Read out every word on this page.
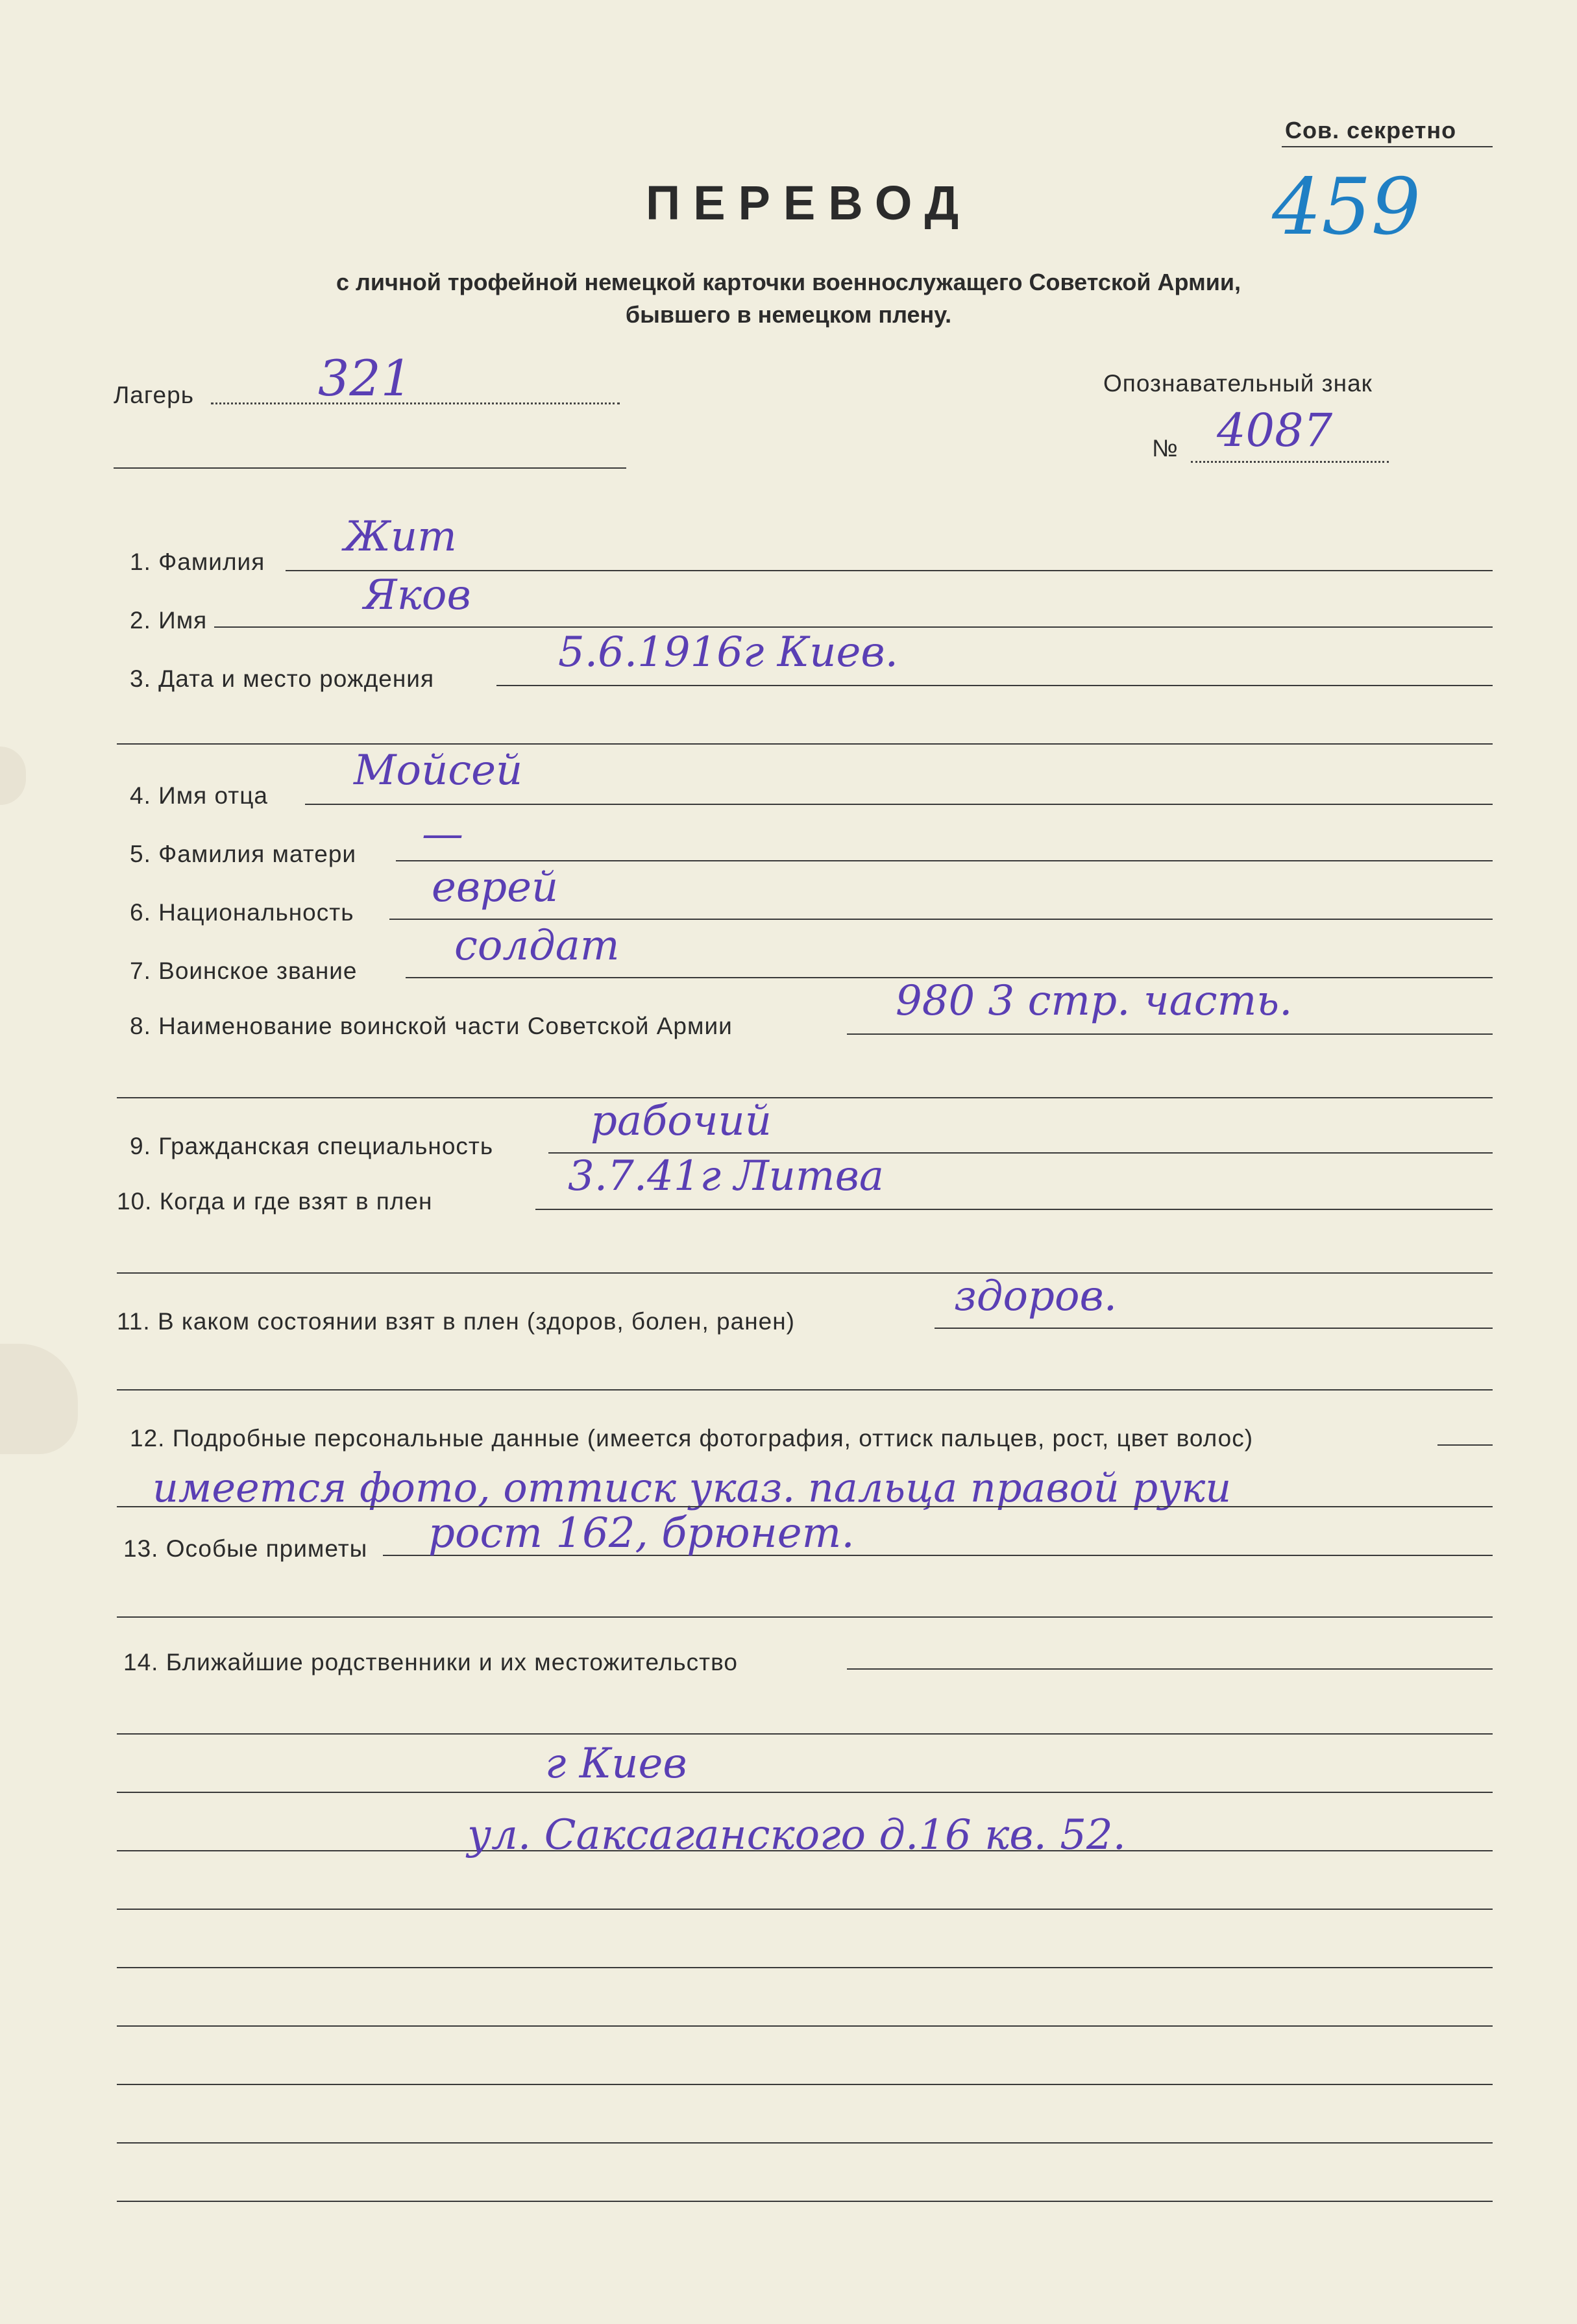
Сов. секретно
459
ПЕРЕВОД
с личной трофейной немецкой карточки военнослужащего Советской Армии,
бывшего в немецком плену.
Лагерь	321	Опознавательный знак
№ 4087
1. Фамилия
Жит
2. Имя
Яков
3. Дата и место рождения
5.6.1916г Киев.
4. Имя отца
Мойсей
5. Фамилия матери —
6. Национальность
еврей
7. Воинское звание
солдат
8. Наименование воинской части Советской Армии
980 3 стр. часть.
9. Гражданская специальность
рабочий
10. Когда и где взят в плен
3.7.41г Литва
11. В каком состоянии взят в плен (здоров, болен, ранен)
здоров.
12. Подробные персональные данные (имеется фотография, оттиск пальцев, рост, цвет волос)
имеется фото, оттиск указ. пальца правой руки
13. Особые приметы рост 162, брюнет.
14. Ближайшие родственники и их местожительство
г Киев
ул. Саксаганского д.16 кв. 52.
